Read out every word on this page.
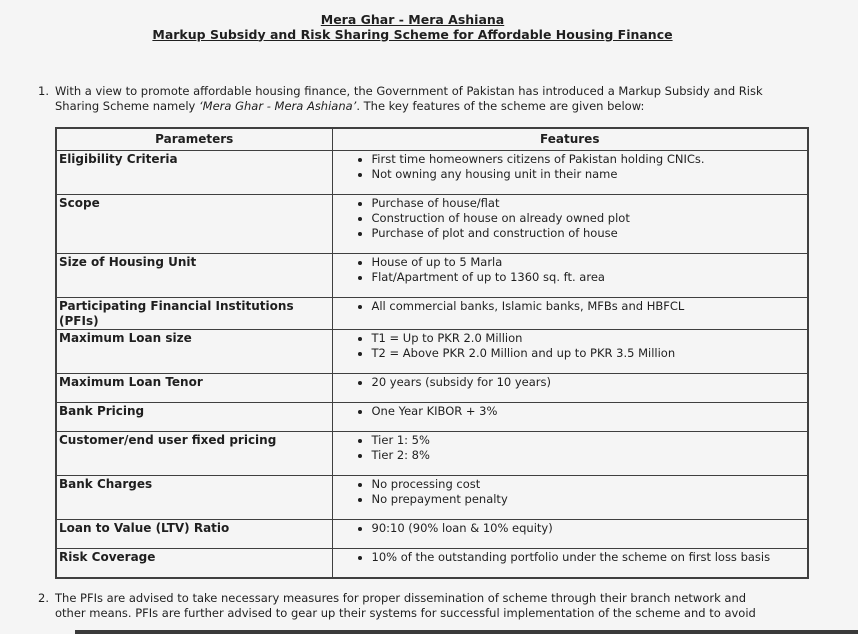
Mera Ghar - Mera Ashiana
Markup Subsidy and Risk Sharing Scheme for Affordable Housing Finance
1. With a view to promote affordable housing finance, the Government of Pakistan has introduced a Markup Subsidy and Risk
Sharing Scheme namely ‘Mera Ghar - Mera Ashiana’. The key features of the scheme are given below:
Parameters	Features
Eligibility Criteria	
•First time homeowners citizens of Pakistan holding CNICs.
• Not owning any housing unit in their name

Scope	
•Purchase of house/flat
• Construction of house on already owned plot
• Purchase of plot and construction of house

Size of Housing Unit	
•House of up to 5 Marla
• Flat/Apartment of up to 1360 sq. ft. area

Participating Financial Institutions (PFIs)	
• All commercial banks, Islamic banks, MFBs and HBFCL

Maximum Loan size	
•T1 = Up to PKR 2.0 Million
• T2 = Above PKR 2.0 Million and up to PKR 3.5 Million

Maximum Loan Tenor	
•20 years (subsidy for 10 years)

Bank Pricing	
•One Year KIBOR + 3%

Customer/end user fixed pricing	
•Tier 1: 5%
• Tier 2: 8%

Bank Charges	
•No processing cost
• No prepayment penalty

Loan to Value (LTV) Ratio	
•90:10 (90% loan & 10% equity)

Risk Coverage	
•10% of the outstanding portfolio under the scheme on first loss basis
2. The PFIs are advised to take necessary measures for proper dissemination of scheme through their branch network and
other means. PFIs are further advised to gear up their systems for successful implementation of the scheme and to avoid
